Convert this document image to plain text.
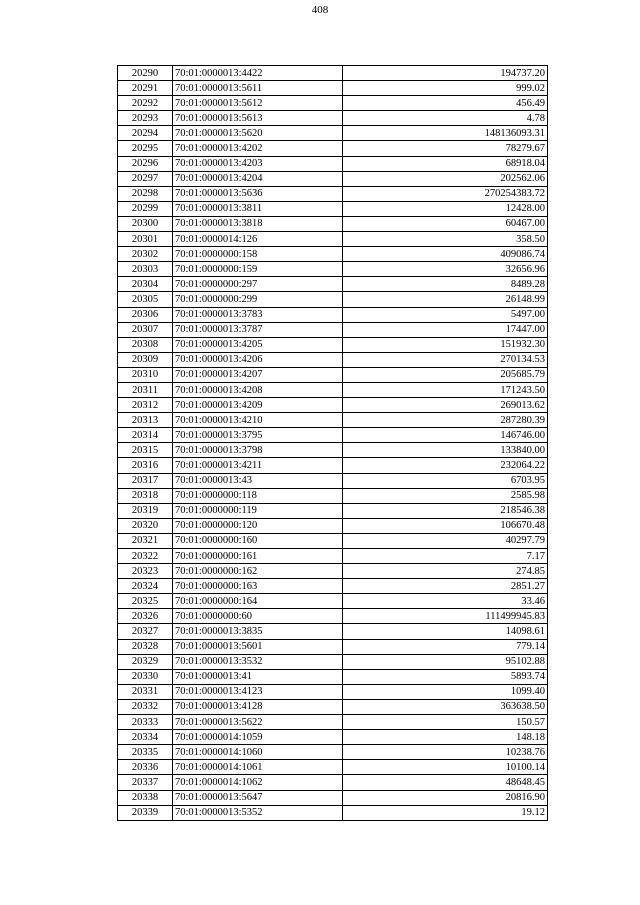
408
20290	70:01:0000013:4422	194737.20
20291	70:01:0000013:5611	999.02
20292	70:01:0000013:5612	456.49
20293	70:01:0000013:5613	4.78
20294	70:01:0000013:5620	148136093.31
20295	70:01:0000013:4202	78279.67
20296	70:01:0000013:4203	68918.04
20297	70:01:0000013:4204	202562.06
20298	70:01:0000013:5636	270254383.72
20299	70:01:0000013:3811	12428.00
20300	70:01:0000013:3818	60467.00
20301	70:01:0000014:126	358.50
20302	70:01:0000000:158	409086.74
20303	70:01:0000000:159	32656.96
20304	70:01:0000000:297	8489.28
20305	70:01:0000000:299	26148.99
20306	70:01:0000013:3783	5497.00
20307	70:01:0000013:3787	17447.00
20308	70:01:0000013:4205	151932.30
20309	70:01:0000013:4206	270134.53
20310	70:01:0000013:4207	205685.79
20311	70:01:0000013:4208	171243.50
20312	70:01:0000013:4209	269013.62
20313	70:01:0000013:4210	287280.39
20314	70:01:0000013:3795	146746.00
20315	70:01:0000013:3798	133840.00
20316	70:01:0000013:4211	232064.22
20317	70:01:0000013:43	6703.95
20318	70:01:0000000:118	2585.98
20319	70:01:0000000:119	218546.38
20320	70:01:0000000:120	106670.48
20321	70:01:0000000:160	40297.79
20322	70:01:0000000:161	7.17
20323	70:01:0000000:162	274.85
20324	70:01:0000000:163	2851.27
20325	70:01:0000000:164	33.46
20326	70:01:0000000:60	111499945.83
20327	70:01:0000013:3835	14098.61
20328	70:01:0000013:5601	779.14
20329	70:01:0000013:3532	95102.88
20330	70:01:0000013:41	5893.74
20331	70:01:0000013:4123	1099.40
20332	70:01:0000013:4128	363638.50
20333	70:01:0000013:5622	150.57
20334	70:01:0000014:1059	148.18
20335	70:01:0000014:1060	10238.76
20336	70:01:0000014:1061	10100.14
20337	70:01:0000014:1062	48648.45
20338	70:01:0000013:5647	20816.90
20339	70:01:0000013:5352	19.12
